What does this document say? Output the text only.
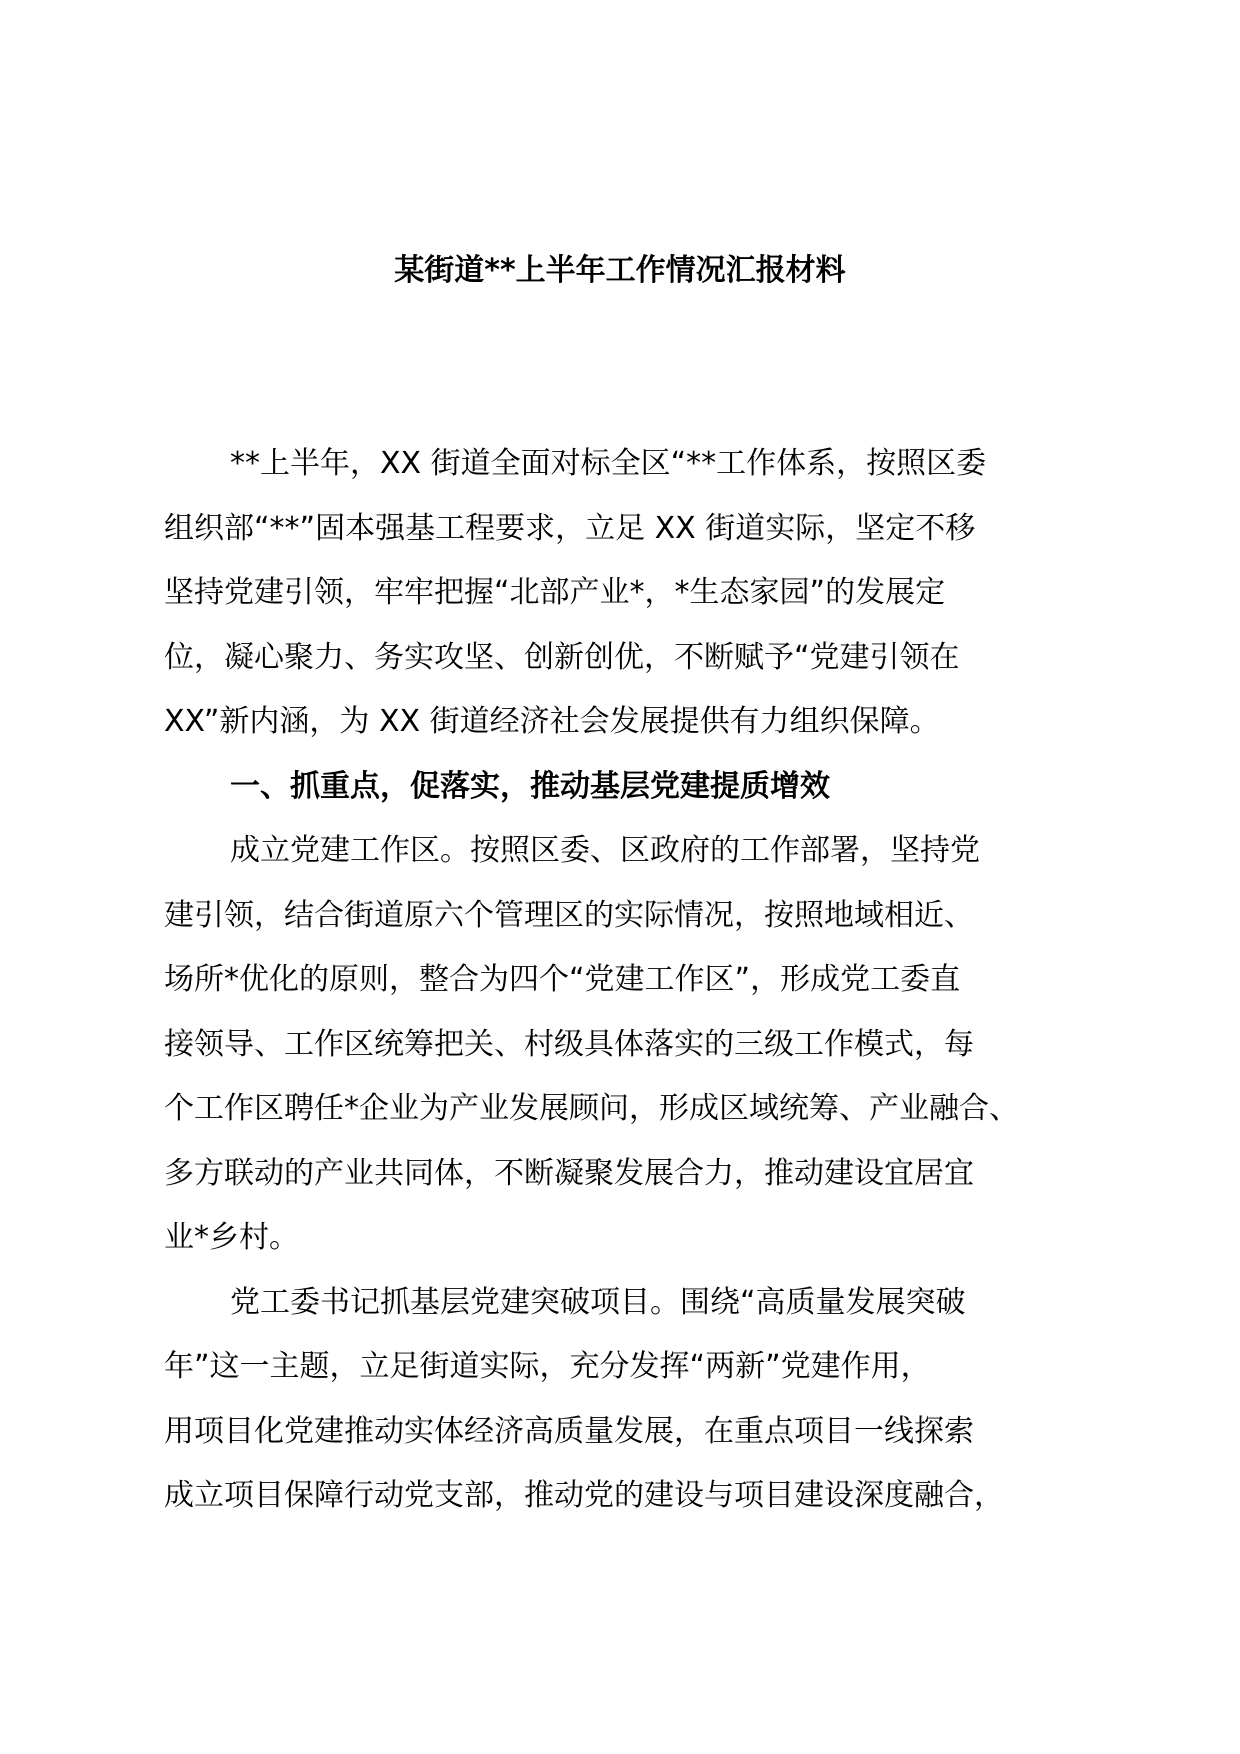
某街道**上半年工作情况汇报材料
**上半年，XX 街道全面对标全区“**工作体系，按照区委
组织部“**”固本强基工程要求，立足 XX 街道实际，坚定不移
坚持党建引领，牢牢把握“北部产业*，*生态家园”的发展定
位，凝心聚力、务实攻坚、创新创优，不断赋予“党建引领在
XX”新内涵，为 XX 街道经济社会发展提供有力组织保障。
一、抓重点，促落实，推动基层党建提质增效
成立党建工作区。按照区委、区政府的工作部署，坚持党
建引领，结合街道原六个管理区的实际情况，按照地域相近、
场所*优化的原则，整合为四个“党建工作区”，形成党工委直
接领导、工作区统筹把关、村级具体落实的三级工作模式，每
个工作区聘任*企业为产业发展顾问，形成区域统筹、产业融合、
多方联动的产业共同体，不断凝聚发展合力，推动建设宜居宜
业*乡村。
党工委书记抓基层党建突破项目。围绕“高质量发展突破
年”这一主题，立足街道实际，充分发挥“两新”党建作用，
用项目化党建推动实体经济高质量发展，在重点项目一线探索
成立项目保障行动党支部，推动党的建设与项目建设深度融合，
